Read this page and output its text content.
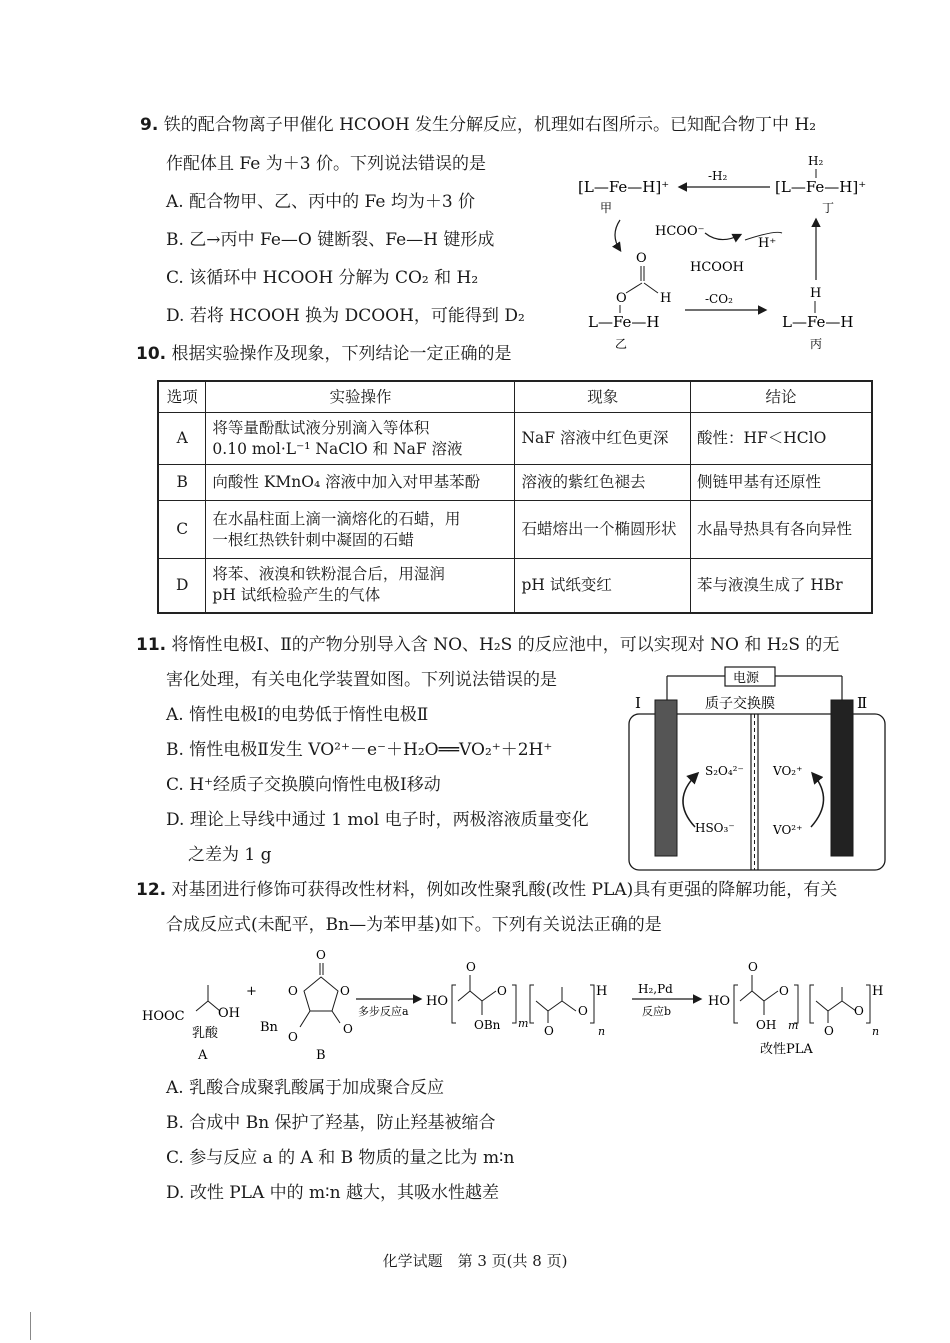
9. 铁的配合物离子甲催化 HCOOH 发生分解反应，机理如右图所示。已知配合物丁中 H₂
作配体且 Fe 为＋3 价。下列说法错误的是
A. 配合物甲、乙、丙中的 Fe 均为＋3 价
B. 乙→丙中 Fe—O 键断裂、Fe—H 键形成
C. 该循环中 HCOOH 分解为 CO₂ 和 H₂
D. 若将 HCOOH 换为 DCOOH，可能得到 D₂
[L—Fe—H]⁺
甲
H₂
[L—Fe—H]⁺
丁
-H₂
HCOO⁻
H⁺
HCOOH
O
H
O
L—Fe—H
乙
-CO₂	H
L—Fe—H
丙
10. 根据实验操作及现象，下列结论一定正确的是
选项	实验操作	现象	结论
A	将等量酚酞试液分别滴入等体积
0.10 mol·L⁻¹ NaClO 和 NaF 溶液	NaF 溶液中红色更深	酸性：HF＜HClO
B	向酸性 KMnO₄ 溶液中加入对甲基苯酚	溶液的紫红色褪去	侧链甲基有还原性
C	在水晶柱面上滴一滴熔化的石蜡，用
一根红热铁针刺中凝固的石蜡	石蜡熔出一个椭圆形状	水晶导热具有各向异性
D	将苯、液溴和铁粉混合后，用湿润
pH 试纸检验产生的气体	pH 试纸变红	苯与液溴生成了 HBr
11. 将惰性电极Ⅰ、Ⅱ的产物分别导入含 NO、H₂S 的反应池中，可以实现对 NO 和 H₂S 的无
害化处理，有关电化学装置如图。下列说法错误的是
A. 惰性电极Ⅰ的电势低于惰性电极Ⅱ
B. 惰性电极Ⅱ发生 VO²⁺－e⁻＋H₂O══VO₂⁺＋2H⁺
C. H⁺经质子交换膜向惰性电极Ⅰ移动
D. 理论上导线中通过 1 mol 电子时，两极溶液质量变化
之差为 1 g
电源
质子交换膜
Ⅰ	Ⅱ
S₂O₄²⁻
HSO₃⁻
VO₂⁺
VO²⁺
12. 对基团进行修饰可获得改性材料，例如改性聚乳酸(改性 PLA)具有更强的降解功能，有关
合成反应式(未配平，Bn—为苯甲基)如下。下列有关说法正确的是
HOOC	OH
乳酸
A
+
O
O	O
O
O
Bn
B
多步反应a
HO
O
OBn
O
m
O
O
n
H	H₂,Pd
反应b
HO
O
OH
O
m O
O
n
H
改性PLA
A. 乳酸合成聚乳酸属于加成聚合反应
B. 合成中 Bn 保护了羟基，防止羟基被缩合
C. 参与反应 a 的 A 和 B 物质的量之比为 m∶n
D. 改性 PLA 中的 m∶n 越大，其吸水性越差
化学试题　第 3 页(共 8 页)
